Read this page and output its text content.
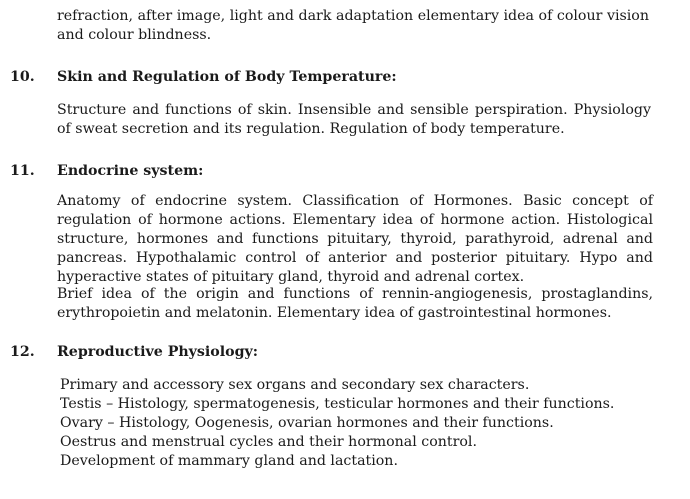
refraction, after image, light and dark adaptation elementary idea of colour vision and colour blindness.

10. Skin and Regulation of Body Temperature:

Structure and functions of skin. Insensible and sensible perspiration. Physiology of sweat secretion and its regulation. Regulation of body temperature.

11. Endocrine system:

Anatomy of endocrine system. Classification of Hormones. Basic concept of regulation of hormone actions. Elementary idea of hormone action. Histological structure, hormones and functions pituitary, thyroid, parathyroid, adrenal and pancreas. Hypothalamic control of anterior and posterior pituitary. Hypo and hyperactive states of pituitary gland, thyroid and adrenal cortex.

Brief idea of the origin and functions of rennin-angiogenesis, prostaglandins, erythropoietin and melatonin. Elementary idea of gastrointestinal hormones.

12. Reproductive Physiology:

Primary and accessory sex organs and secondary sex characters.

Testis – Histology, spermatogenesis, testicular hormones and their functions.

Ovary – Histology, Oogenesis, ovarian hormones and their functions.

Oestrus and menstrual cycles and their hormonal control.

Development of mammary gland and lactation.
